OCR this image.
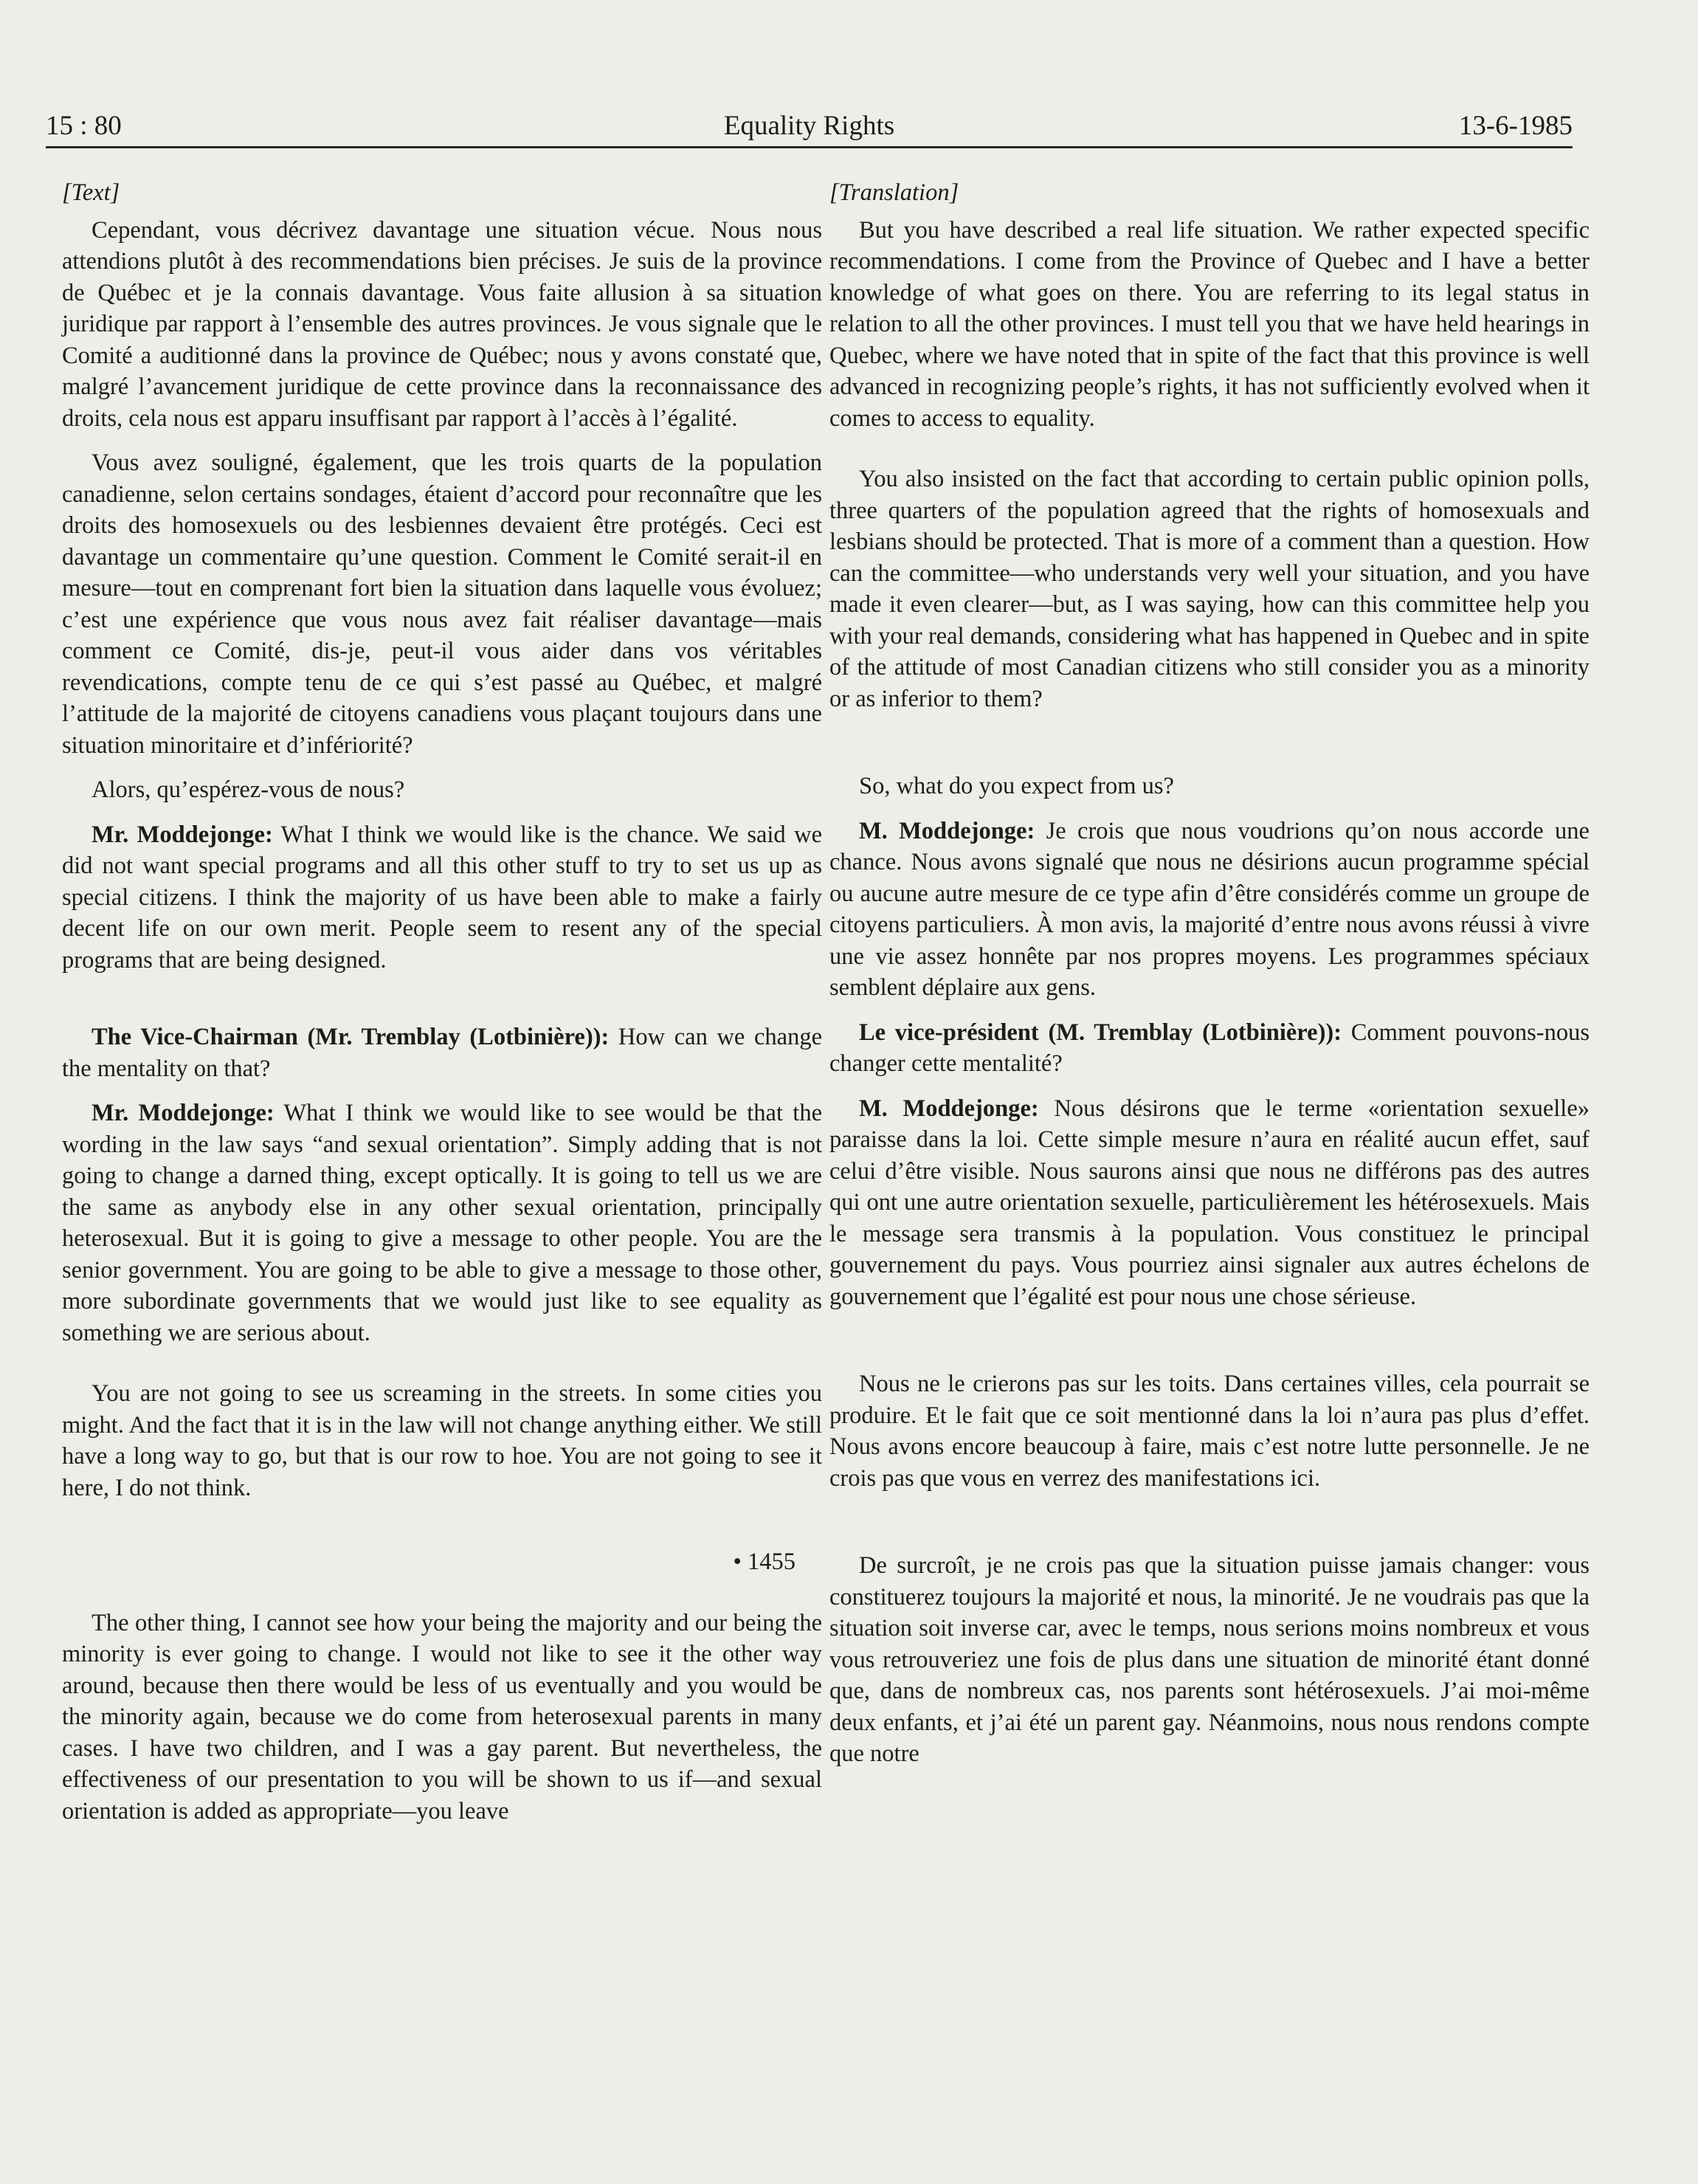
15 : 80	Equality Rights	13-6-1985

[Text]

Cependant, vous décrivez davantage une situation vécue. Nous nous attendions plutôt à des recommendations bien précises. Je suis de la province de Québec et je la connais davantage. Vous faite allusion à sa situation juridique par rapport à l’ensemble des autres provinces. Je vous signale que le Comité a auditionné dans la province de Québec; nous y avons constaté que, malgré l’avancement juridique de cette province dans la reconnaissance des droits, cela nous est apparu insuffisant par rapport à l’accès à l’égalité.

Vous avez souligné, également, que les trois quarts de la population canadienne, selon certains sondages, étaient d’accord pour reconnaître que les droits des homosexuels ou des lesbiennes devaient être protégés. Ceci est davantage un commentaire qu’une question. Comment le Comité serait-il en mesure—tout en comprenant fort bien la situation dans laquelle vous évoluez; c’est une expérience que vous nous avez fait réaliser davantage—mais comment ce Comité, dis-je, peut-il vous aider dans vos véritables revendications, compte tenu de ce qui s’est passé au Québec, et malgré l’attitude de la majorité de citoyens canadiens vous plaçant toujours dans une situation minoritaire et d’infériorité?

Alors, qu’espérez-vous de nous?

Mr. Moddejonge: What I think we would like is the chance. We said we did not want special programs and all this other stuff to try to set us up as special citizens. I think the majority of us have been able to make a fairly decent life on our own merit. People seem to resent any of the special programs that are being designed.

The Vice-Chairman (Mr. Tremblay (Lotbinière)): How can we change the mentality on that?

Mr. Moddejonge: What I think we would like to see would be that the wording in the law says “and sexual orientation”. Simply adding that is not going to change a darned thing, except optically. It is going to tell us we are the same as anybody else in any other sexual orientation, principally heterosexual. But it is going to give a message to other people. You are the senior government. You are going to be able to give a message to those other, more subordinate governments that we would just like to see equality as something we are serious about.

You are not going to see us screaming in the streets. In some cities you might. And the fact that it is in the law will not change anything either. We still have a long way to go, but that is our row to hoe. You are not going to see it here, I do not think.

• 1455

The other thing, I cannot see how your being the majority and our being the minority is ever going to change. I would not like to see it the other way around, because then there would be less of us eventually and you would be the minority again, because we do come from heterosexual parents in many cases. I have two children, and I was a gay parent. But nevertheless, the effectiveness of our presentation to you will be shown to us if—and sexual orientation is added as appropriate—you leave

[Translation]

But you have described a real life situation. We rather expected specific recommendations. I come from the Province of Quebec and I have a better knowledge of what goes on there. You are referring to its legal status in relation to all the other provinces. I must tell you that we have held hearings in Quebec, where we have noted that in spite of the fact that this province is well advanced in recognizing people’s rights, it has not sufficiently evolved when it comes to access to equality.

You also insisted on the fact that according to certain public opinion polls, three quarters of the population agreed that the rights of homosexuals and lesbians should be protected. That is more of a comment than a question. How can the committee—who understands very well your situation, and you have made it even clearer—but, as I was saying, how can this committee help you with your real demands, considering what has happened in Quebec and in spite of the attitude of most Canadian citizens who still consider you as a minority or as inferior to them?

So, what do you expect from us?

M. Moddejonge: Je crois que nous voudrions qu’on nous accorde une chance. Nous avons signalé que nous ne désirions aucun programme spécial ou aucune autre mesure de ce type afin d’être considérés comme un groupe de citoyens particuliers. À mon avis, la majorité d’entre nous avons réussi à vivre une vie assez honnête par nos propres moyens. Les programmes spéciaux semblent déplaire aux gens.

Le vice-président (M. Tremblay (Lotbinière)): Comment pouvons-nous changer cette mentalité?

M. Moddejonge: Nous désirons que le terme «orientation sexuelle» paraisse dans la loi. Cette simple mesure n’aura en réalité aucun effet, sauf celui d’être visible. Nous saurons ainsi que nous ne différons pas des autres qui ont une autre orientation sexuelle, particulièrement les hétérosexuels. Mais le message sera transmis à la population. Vous constituez le principal gouvernement du pays. Vous pourriez ainsi signaler aux autres échelons de gouvernement que l’égalité est pour nous une chose sérieuse.

Nous ne le crierons pas sur les toits. Dans certaines villes, cela pourrait se produire. Et le fait que ce soit mentionné dans la loi n’aura pas plus d’effet. Nous avons encore beaucoup à faire, mais c’est notre lutte personnelle. Je ne crois pas que vous en verrez des manifestations ici.

De surcroît, je ne crois pas que la situation puisse jamais changer: vous constituerez toujours la majorité et nous, la minorité. Je ne voudrais pas que la situation soit inverse car, avec le temps, nous serions moins nombreux et vous vous retrouveriez une fois de plus dans une situation de minorité étant donné que, dans de nombreux cas, nos parents sont hétérosexuels. J’ai moi-même deux enfants, et j’ai été un parent gay. Néanmoins, nous nous rendons compte que notre
